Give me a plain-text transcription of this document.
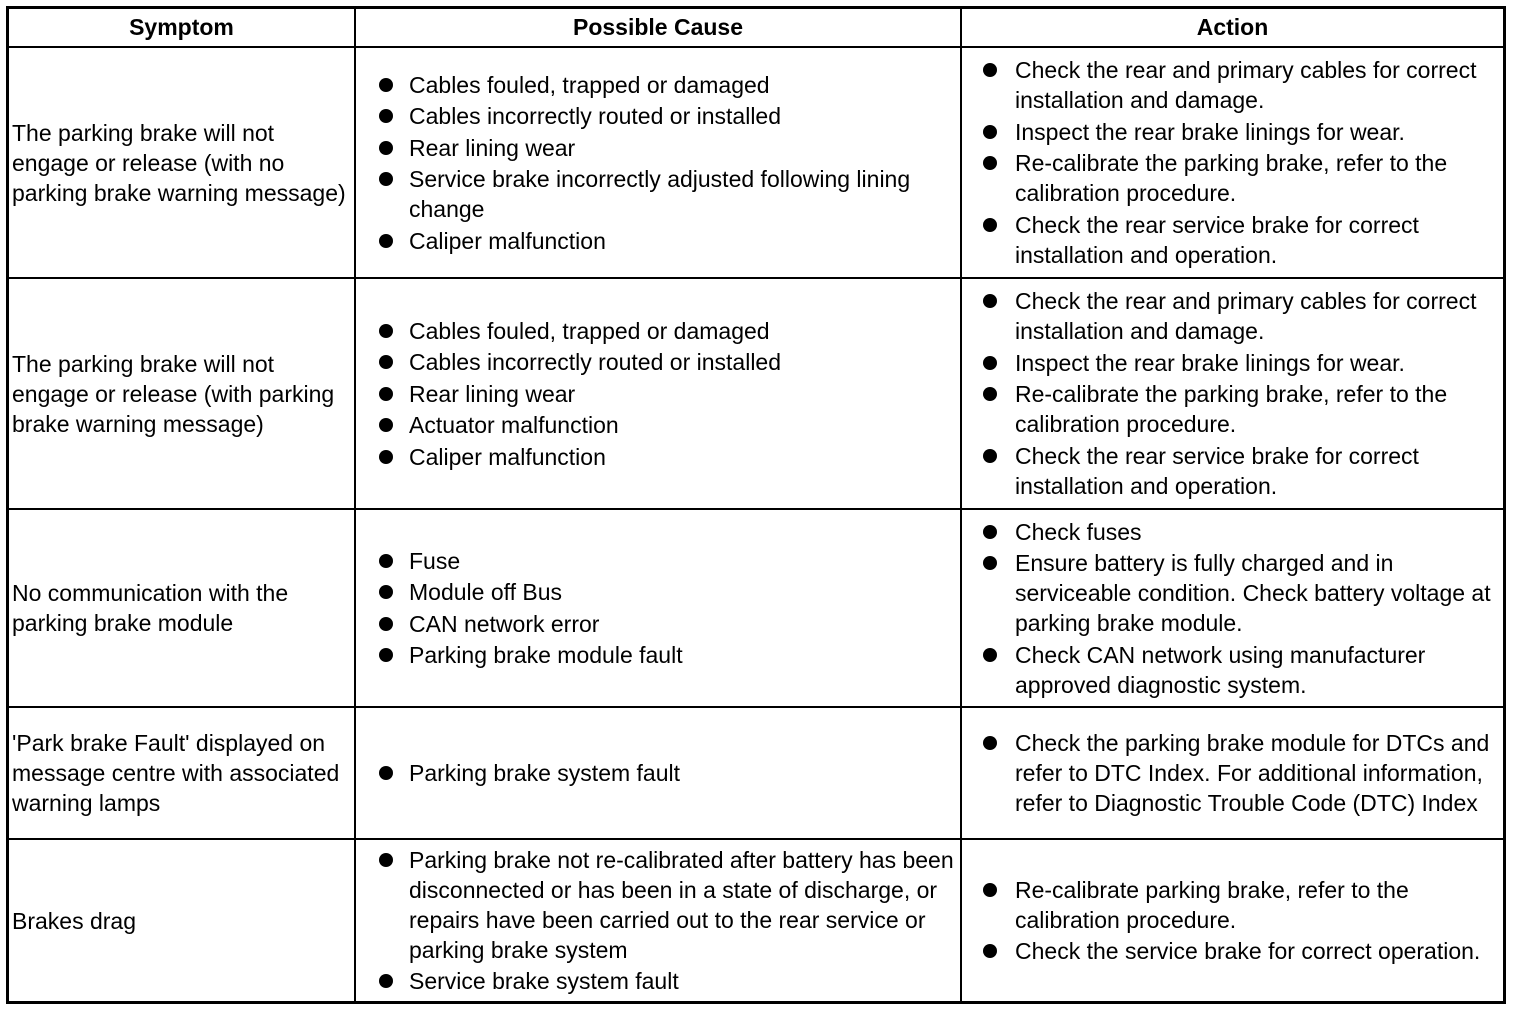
Symptom	Possible Cause	Action
The parking brake will not engage or release (with no parking brake warning message)
Cables fouled, trapped or damaged
Cables incorrectly routed or installed
Rear lining wear
Service brake incorrectly adjusted following lining change
Caliper malfunction
Check the rear and primary cables for correct installation and damage.
Inspect the rear brake linings for wear.
Re-calibrate the parking brake, refer to the calibration procedure.
Check the rear service brake for correct installation and operation.
The parking brake will not engage or release (with parking brake warning message)
Cables fouled, trapped or damaged
Cables incorrectly routed or installed
Rear lining wear
Actuator malfunction
Caliper malfunction
Check the rear and primary cables for correct installation and damage.
Inspect the rear brake linings for wear.
Re-calibrate the parking brake, refer to the calibration procedure.
Check the rear service brake for correct installation and operation.
No communication with the parking brake module
Fuse
Module off Bus
CAN network error
Parking brake module fault
Check fuses
Ensure battery is fully charged and in serviceable condition. Check battery voltage at parking brake module.
Check CAN network using manufacturer approved diagnostic system.
'Park brake Fault' displayed on message centre with associated warning lamps
Parking brake system fault
Check the parking brake module for DTCs and refer to DTC Index. For additional information, refer to Diagnostic Trouble Code (DTC) Index
Brakes drag
Parking brake not re-calibrated after battery has been disconnected or has been in a state of discharge, or repairs have been carried out to the rear service or parking brake system
Service brake system fault
Re-calibrate parking brake, refer to the calibration procedure.
Check the service brake for correct operation.
